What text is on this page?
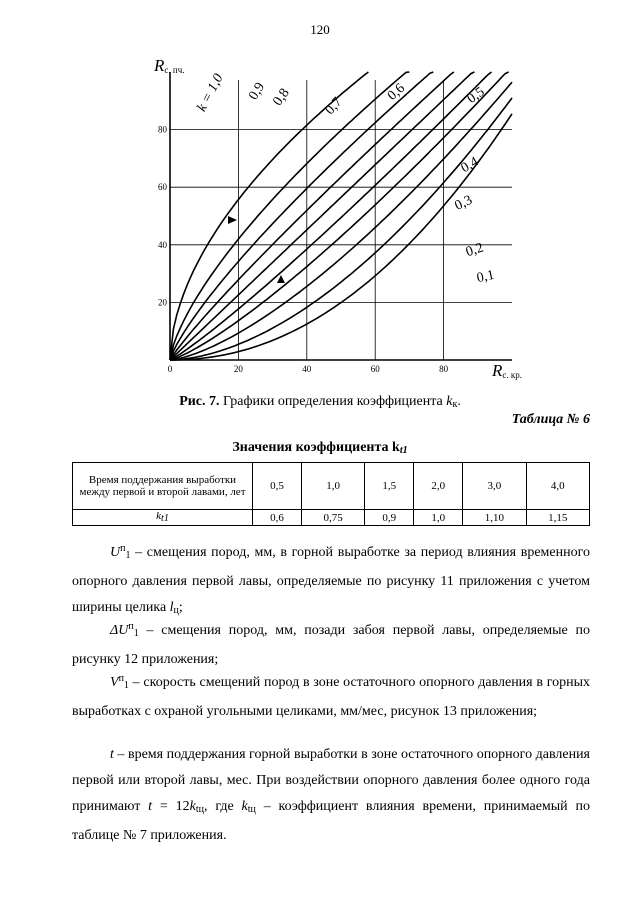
120
20
40
60
80
0	20	40	60	80
k = 1,0 0,9 0,8 0,7
0,6	0,5
0,4
0,3
0,2
0,1
Rс. пч.
Rс. кр.
Рис. 7. Графики определения коэффициента $k_к$.
Таблица № 6
Значения коэффициента $k_{t1}$
Время поддержания выработки между первой и второй лавами, лет	0,5	1,0	1,5	2,0	3,0	4,0
kt1	0,6	0,75	0,9	1,0	1,10	1,15
$U^п_1$ – смещения пород, мм, в горной выработке за период влияния временного опорного давления первой лавы, определяемые по рисунку 11 приложения с учетом ширины целика $l_ц$;
$\Delta U^п_1$ – смещения пород, мм, позади забоя первой лавы, определяемые по рисунку 12 приложения;
$V^п_1$ – скорость смещений пород в зоне остаточного опорного давления в горных выработках с охраной угольными целиками, мм/мес, рисунок 13 приложения;
t – время поддержания горной выработки в зоне остаточного опорного давления первой или второй лавы, мес. При воздействии опорного давления более одного года принимают $t = 12k_{tц}$, где $k_{tц}$ – коэффициент влияния времени, принимаемый по таблице № 7 приложения.
